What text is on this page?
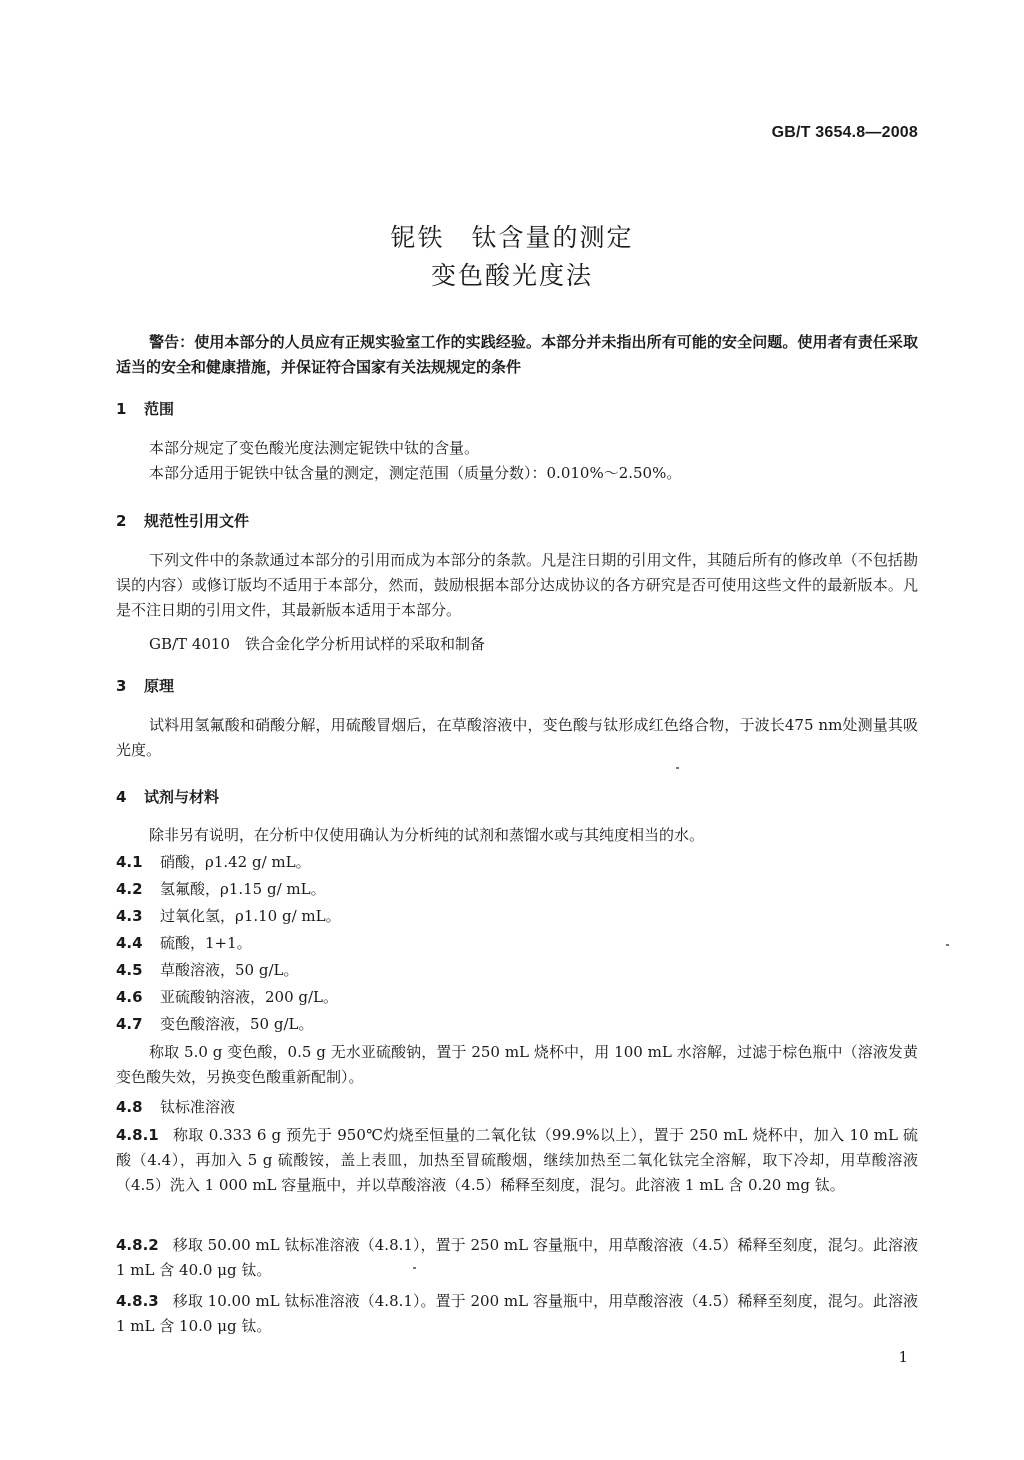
GB/T 3654.8—2008
铌铁　钛含量的测定
变色酸光度法
警告：使用本部分的人员应有正规实验室工作的实践经验。本部分并未指出所有可能的安全问题。使用者有责任采取适当的安全和健康措施，并保证符合国家有关法规规定的条件
1 范围
本部分规定了变色酸光度法测定铌铁中钛的含量。
本部分适用于铌铁中钛含量的测定，测定范围（质量分数）：0.010%～2.50%。
2 规范性引用文件
下列文件中的条款通过本部分的引用而成为本部分的条款。凡是注日期的引用文件，其随后所有的修改单（不包括勘误的内容）或修订版均不适用于本部分，然而，鼓励根据本部分达成协议的各方研究是否可使用这些文件的最新版本。凡是不注日期的引用文件，其最新版本适用于本部分。
GB/T 4010　铁合金化学分析用试样的采取和制备
3 原理
试料用氢氟酸和硝酸分解，用硫酸冒烟后，在草酸溶液中，变色酸与钛形成红色络合物，于波长475 nm处测量其吸光度。
4 试剂与材料
除非另有说明，在分析中仅使用确认为分析纯的试剂和蒸馏水或与其纯度相当的水。
4.1 硝酸，ρ1.42 g/ mL。
4.2 氢氟酸，ρ1.15 g/ mL。
4.3 过氧化氢，ρ1.10 g/ mL。
4.4 硫酸，1+1。
4.5 草酸溶液，50 g/L。
4.6 亚硫酸钠溶液，200 g/L。
4.7 变色酸溶液，50 g/L。
称取 5.0 g 变色酸，0.5 g 无水亚硫酸钠，置于 250 mL 烧杯中，用 100 mL 水溶解，过滤于棕色瓶中（溶液发黄变色酸失效，另换变色酸重新配制）。
4.8 钛标准溶液
4.8.1 称取 0.333 6 g 预先于 950℃灼烧至恒量的二氧化钛（99.9%以上），置于 250 mL 烧杯中，加入 10 mL 硫酸（4.4），再加入 5 g 硫酸铵，盖上表皿，加热至冒硫酸烟，继续加热至二氧化钛完全溶解，取下冷却，用草酸溶液（4.5）洗入 1 000 mL 容量瓶中，并以草酸溶液（4.5）稀释至刻度，混匀。此溶液 1 mL 含 0.20 mg 钛。
4.8.2 移取 50.00 mL 钛标准溶液（4.8.1），置于 250 mL 容量瓶中，用草酸溶液（4.5）稀释至刻度，混匀。此溶液 1 mL 含 40.0 μg 钛。
4.8.3 移取 10.00 mL 钛标准溶液（4.8.1）。置于 200 mL 容量瓶中，用草酸溶液（4.5）稀释至刻度，混匀。此溶液 1 mL 含 10.0 μg 钛。
1
